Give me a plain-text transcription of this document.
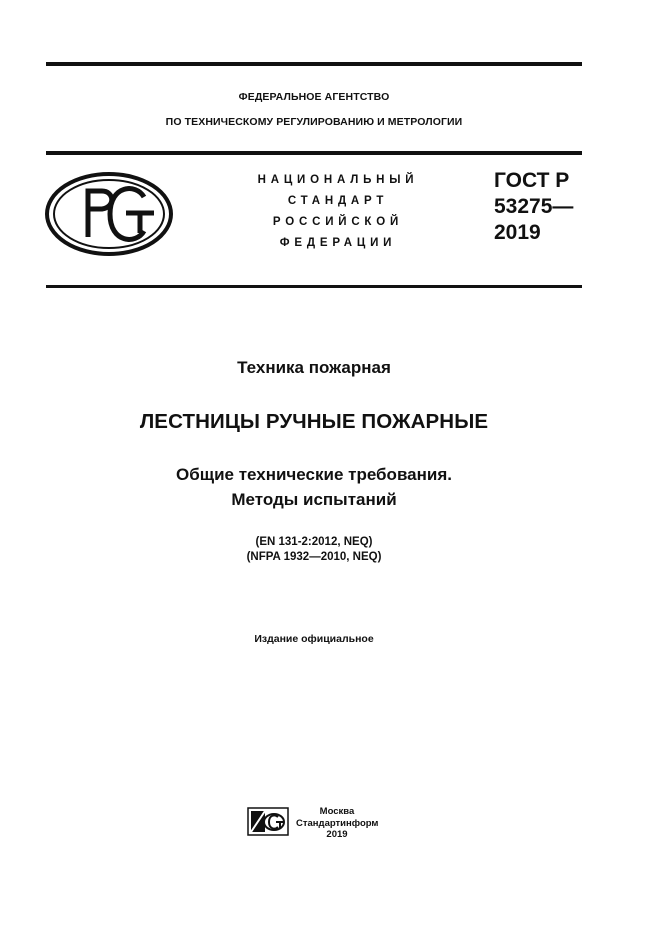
ФЕДЕРАЛЬНОЕ АГЕНТСТВО
ПО ТЕХНИЧЕСКОМУ РЕГУЛИРОВАНИЮ И МЕТРОЛОГИИ
НАЦИОНАЛЬНЫЙ
СТАНДАРТ
РОССИЙСКОЙ
ФЕДЕРАЦИИ
ГОСТ Р
53275—
2019
Техника пожарная
ЛЕСТНИЦЫ РУЧНЫЕ ПОЖАРНЫЕ
Общие технические требования.
Методы испытаний
(EN 131-2:2012, NEQ)
(NFPA 1932—2010, NEQ)
Издание официальное
Москва
Стандартинформ
2019
